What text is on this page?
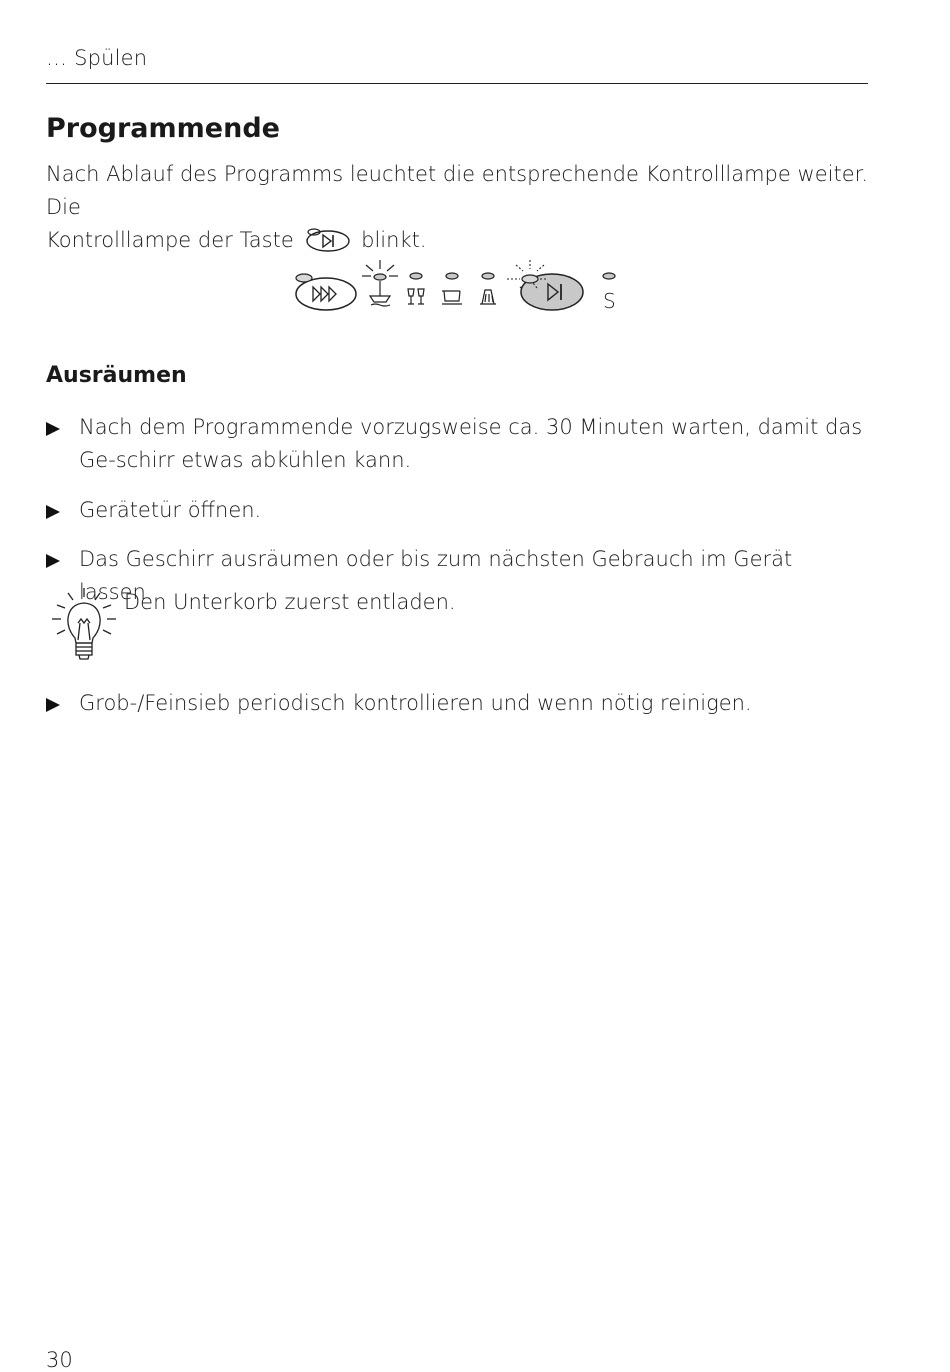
… Spülen
Programmende
Nach Ablauf des Programms leuchtet die entsprechende Kontrolllampe weiter. Die
Kontrolllampe der Taste	blinkt.
S
Ausräumen
Nach dem Programmende vorzugsweise ca. 30 Minuten warten, damit das Ge-schirr etwas abkühlen kann.
Gerätetür öffnen.
Das Geschirr ausräumen oder bis zum nächsten Gebrauch im Gerät lassen.
Den Unterkorb zuerst entladen.
Grob-/Feinsieb periodisch kontrollieren und wenn nötig reinigen.
30
